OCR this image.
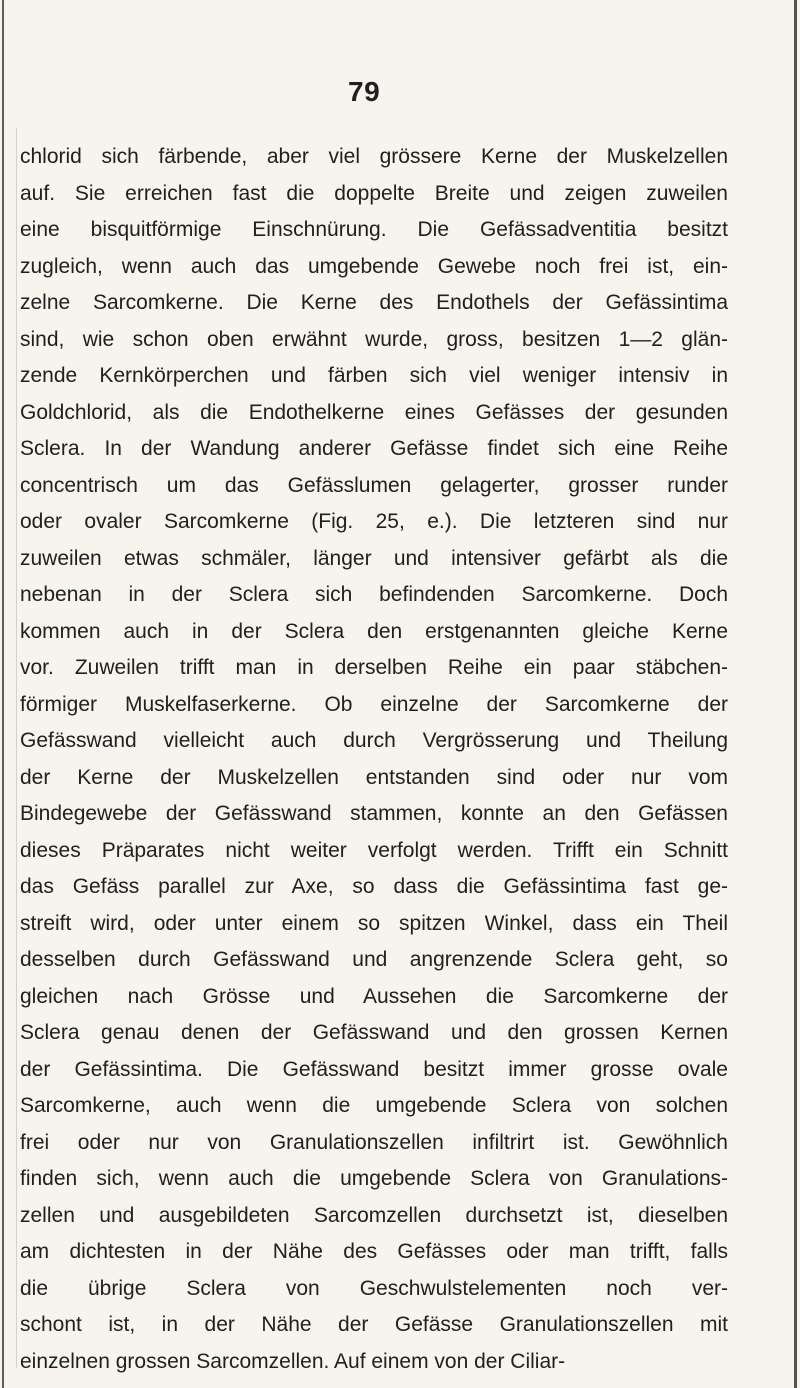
79
chlorid sich färbende, aber viel grössere Kerne der Muskelzellen
auf. Sie erreichen fast die doppelte Breite und zeigen zuweilen
eine bisquitförmige Einschnürung. Die Gefässadventitia besitzt
zugleich, wenn auch das umgebende Gewebe noch frei ist, ein-
zelne Sarcomkerne. Die Kerne des Endothels der Gefässintima
sind, wie schon oben erwähnt wurde, gross, besitzen 1—2 glän-
zende Kernkörperchen und färben sich viel weniger intensiv in
Goldchlorid, als die Endothelkerne eines Gefässes der gesunden
Sclera. In der Wandung anderer Gefässe findet sich eine Reihe
concentrisch um das Gefässlumen gelagerter, grosser runder
oder ovaler Sarcomkerne (Fig. 25, e.). Die letzteren sind nur
zuweilen etwas schmäler, länger und intensiver gefärbt als die
nebenan in der Sclera sich befindenden Sarcomkerne. Doch
kommen auch in der Sclera den erstgenannten gleiche Kerne
vor. Zuweilen trifft man in derselben Reihe ein paar stäbchen-
förmiger Muskelfaserkerne. Ob einzelne der Sarcomkerne der
Gefässwand vielleicht auch durch Vergrösserung und Theilung
der Kerne der Muskelzellen entstanden sind oder nur vom
Bindegewebe der Gefässwand stammen, konnte an den Gefässen
dieses Präparates nicht weiter verfolgt werden. Trifft ein Schnitt
das Gefäss parallel zur Axe, so dass die Gefässintima fast ge-
streift wird, oder unter einem so spitzen Winkel, dass ein Theil
desselben durch Gefässwand und angrenzende Sclera geht, so
gleichen nach Grösse und Aussehen die Sarcomkerne der
Sclera genau denen der Gefässwand und den grossen Kernen
der Gefässintima. Die Gefässwand besitzt immer grosse ovale
Sarcomkerne, auch wenn die umgebende Sclera von solchen
frei oder nur von Granulationszellen infiltrirt ist. Gewöhnlich
finden sich, wenn auch die umgebende Sclera von Granulations-
zellen und ausgebildeten Sarcomzellen durchsetzt ist, dieselben
am dichtesten in der Nähe des Gefässes oder man trifft, falls
die übrige Sclera von Geschwulstelementen noch ver-
schont ist, in der Nähe der Gefässe Granulationszellen mit
einzelnen grossen Sarcomzellen. Auf einem von der Ciliar-
